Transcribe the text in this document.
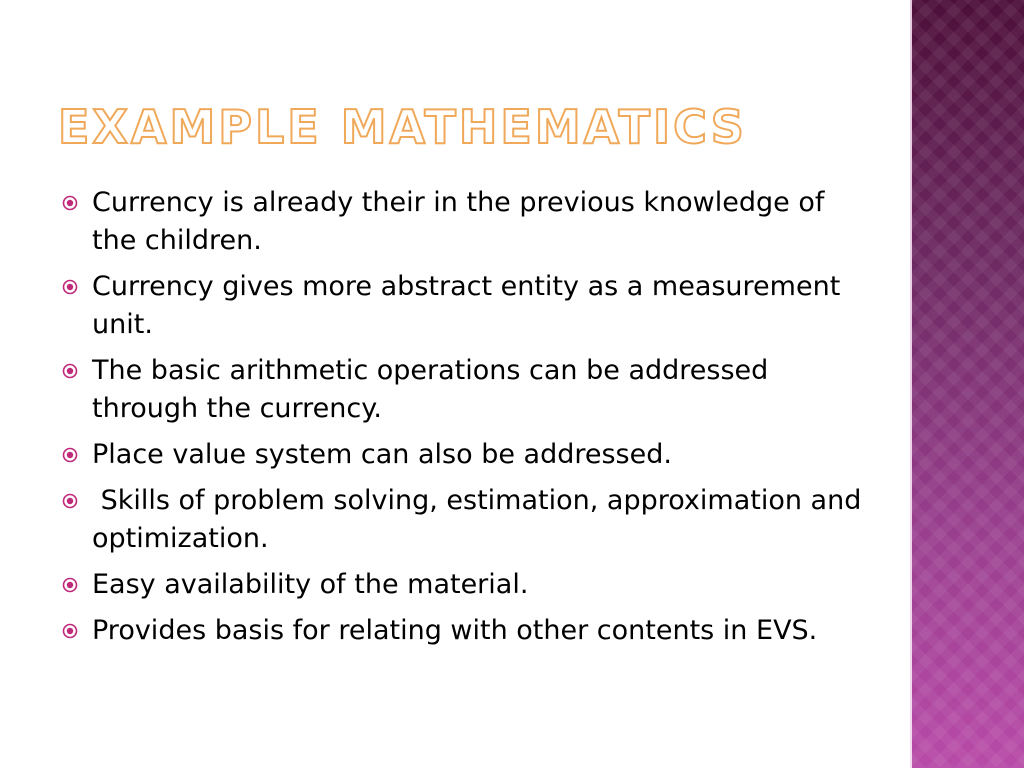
EXAMPLE MATHEMATICS
Currency is already their in the previous knowledge of the children.
Currency gives more abstract entity as a measurement unit.
The basic arithmetic operations can be addressed through the currency.
Place value system can also be addressed.
Skills of problem solving, estimation, approximation and optimization.
Easy availability of the material.
Provides basis for relating with other contents in EVS.
